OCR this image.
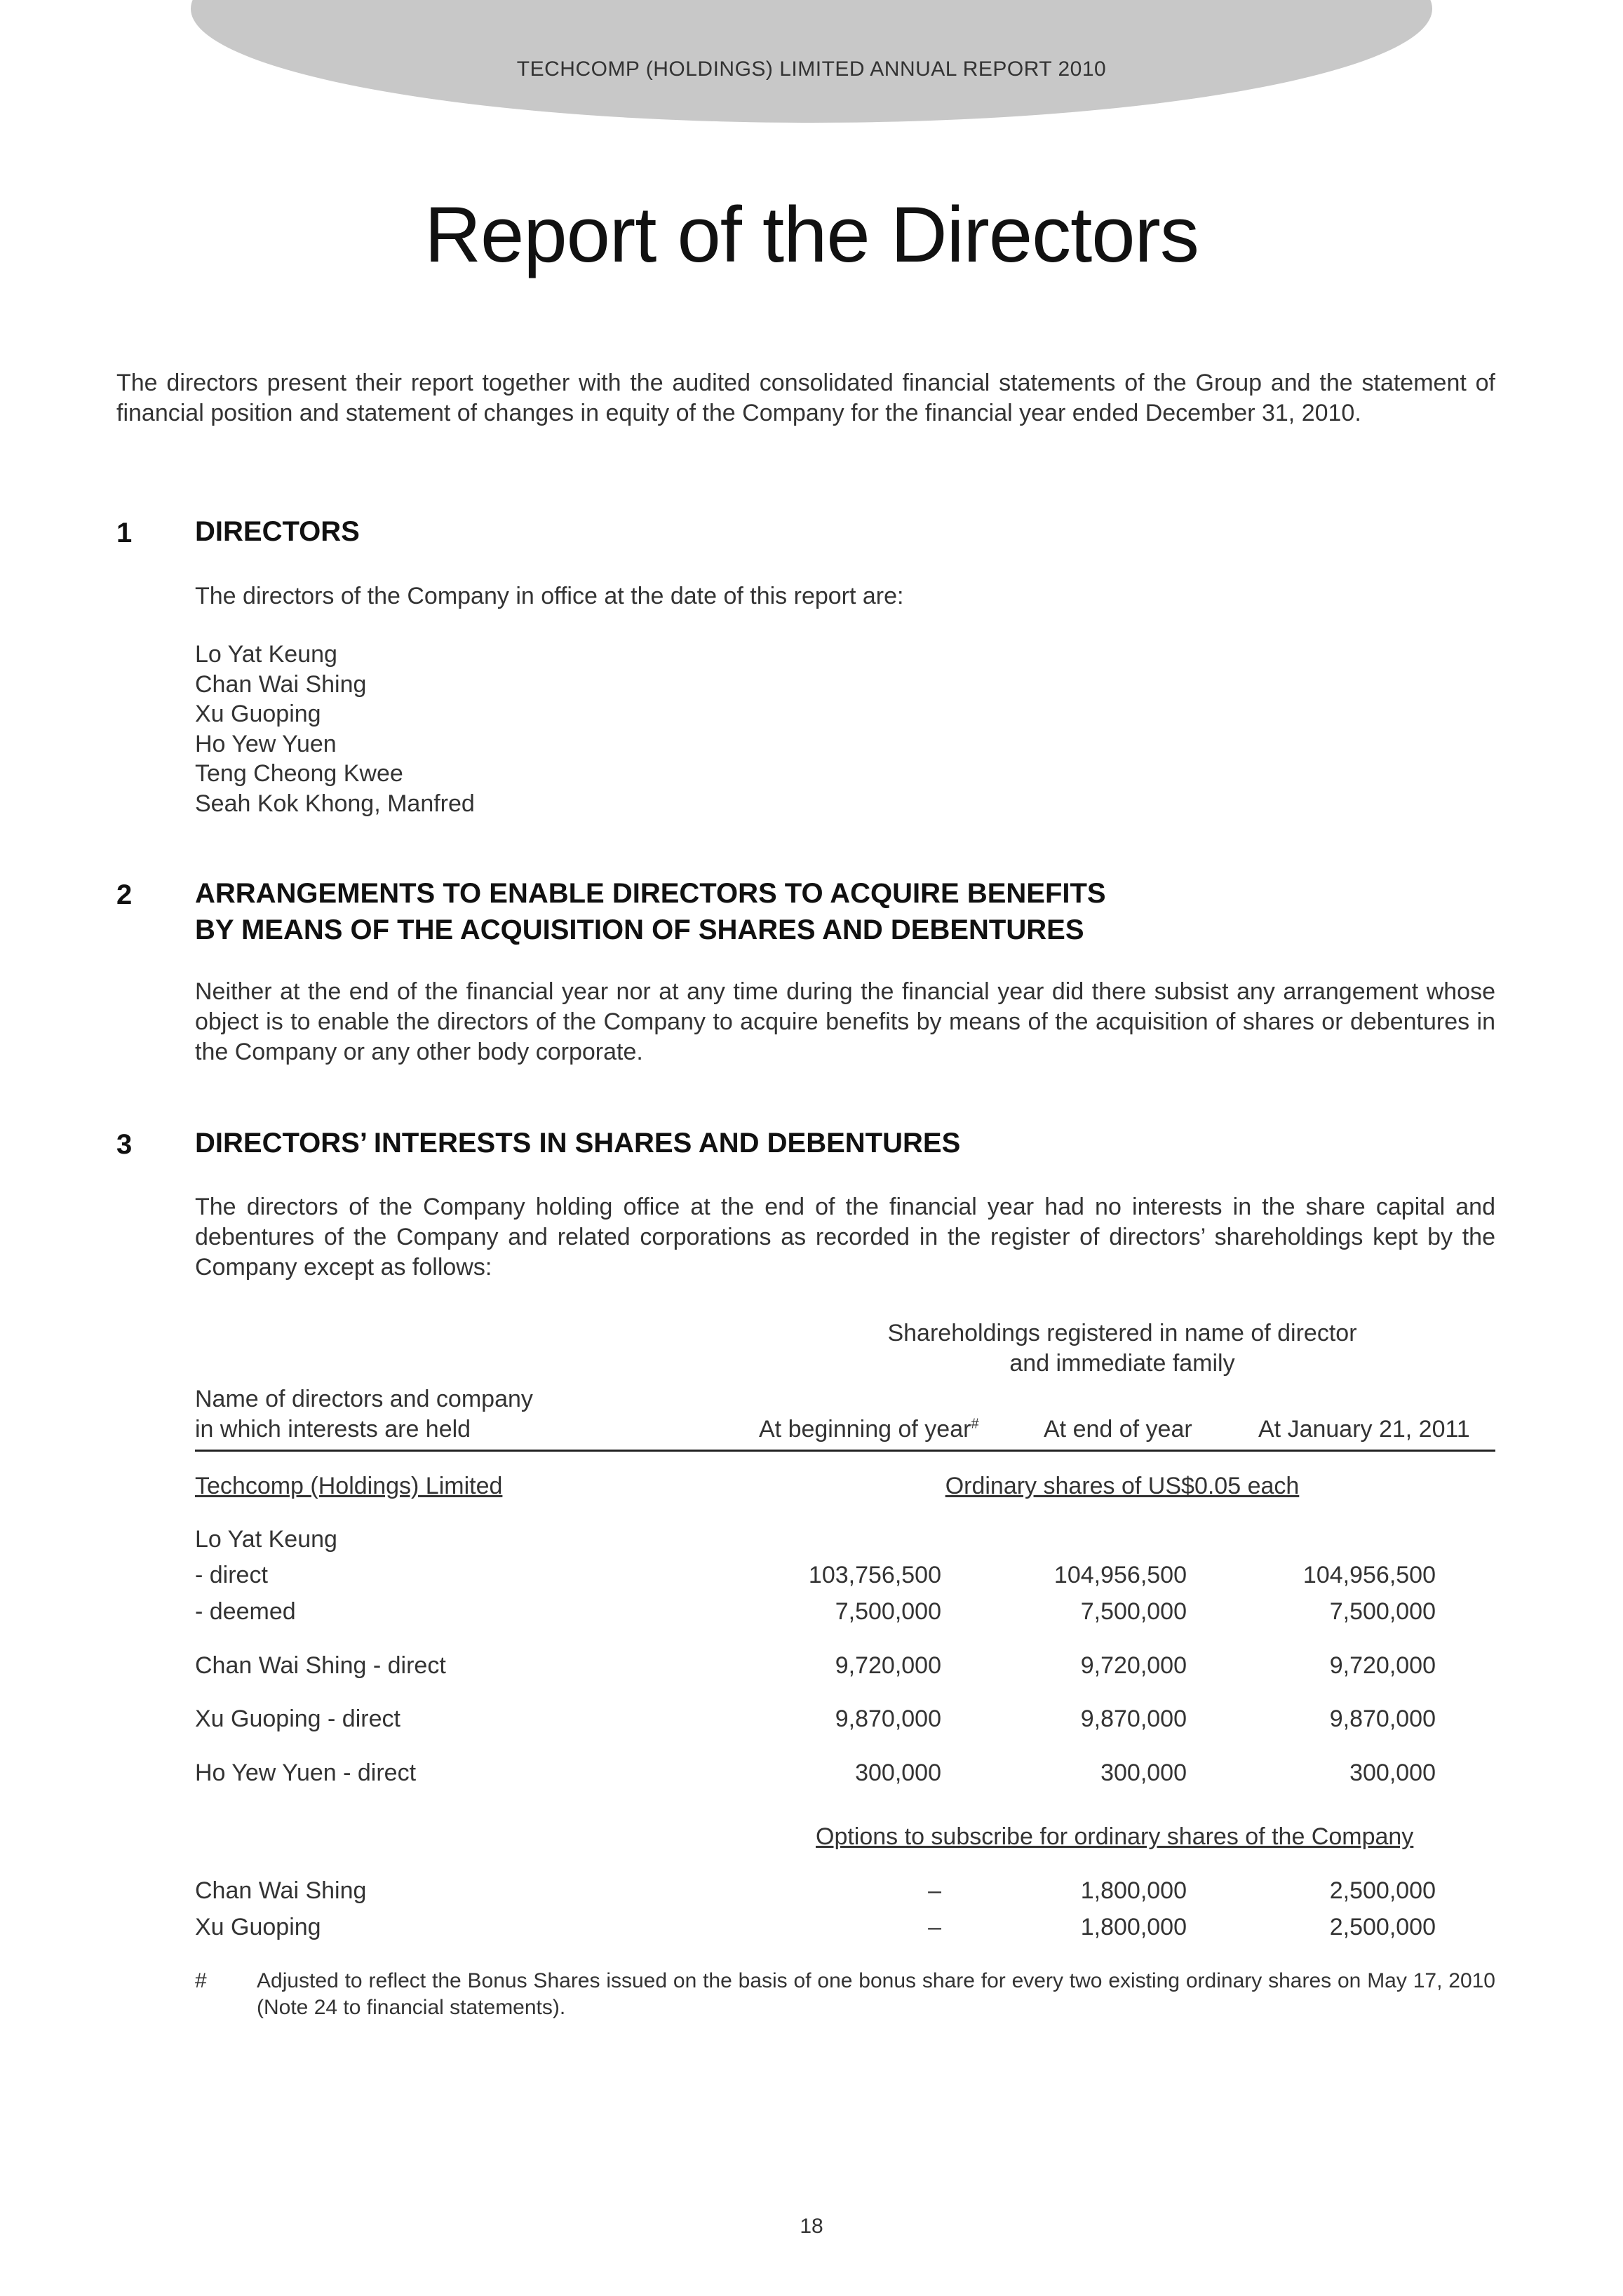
TECHCOMP (HOLDINGS) LIMITED ANNUAL REPORT 2010
Report of the Directors

The directors present their report together with the audited consolidated financial statements of the Group and the statement of financial position and statement of changes in equity of the Company for the financial year ended December 31, 2010.

1 DIRECTORS

The directors of the Company in office at the date of this report are:

Lo Yat Keung
Chan Wai Shing
Xu Guoping
Ho Yew Yuen
Teng Cheong Kwee
Seah Kok Khong, Manfred
2 ARRANGEMENTS TO ENABLE DIRECTORS TO ACQUIRE BENEFITS
BY MEANS OF THE ACQUISITION OF SHARES AND DEBENTURES

Neither at the end of the financial year nor at any time during the financial year did there subsist any arrangement whose object is to enable the directors of the Company to acquire benefits by means of the acquisition of shares or debentures in the Company or any other body corporate.

3 DIRECTORS’ INTERESTS IN SHARES AND DEBENTURES

The directors of the Company holding office at the end of the financial year had no interests in the share capital and debentures of the Company and related corporations as recorded in the register of directors’ shareholdings kept by the Company except as follows:

Shareholdings registered in name of director
and immediate family
Name of directors and company
in which interests are held	At beginning of year#	At end of year	At January 21, 2011
Techcomp (Holdings) Limited	Ordinary shares of US$0.05 each
Lo Yat Keung
- direct	103,756,500	104,956,500	104,956,500
- deemed	7,500,000	7,500,000	7,500,000
Chan Wai Shing - direct	9,720,000	9,720,000	9,720,000
Xu Guoping - direct	9,870,000	9,870,000	9,870,000
Ho Yew Yuen - direct	300,000	300,000	300,000
Options to subscribe for ordinary shares of the Company
Chan Wai Shing	–	1,800,000	2,500,000
Xu Guoping	–	1,800,000	2,500,000
# Adjusted to reflect the Bonus Shares issued on the basis of one bonus share for every two existing ordinary shares on May 17, 2010 (Note 24 to financial statements).

18
